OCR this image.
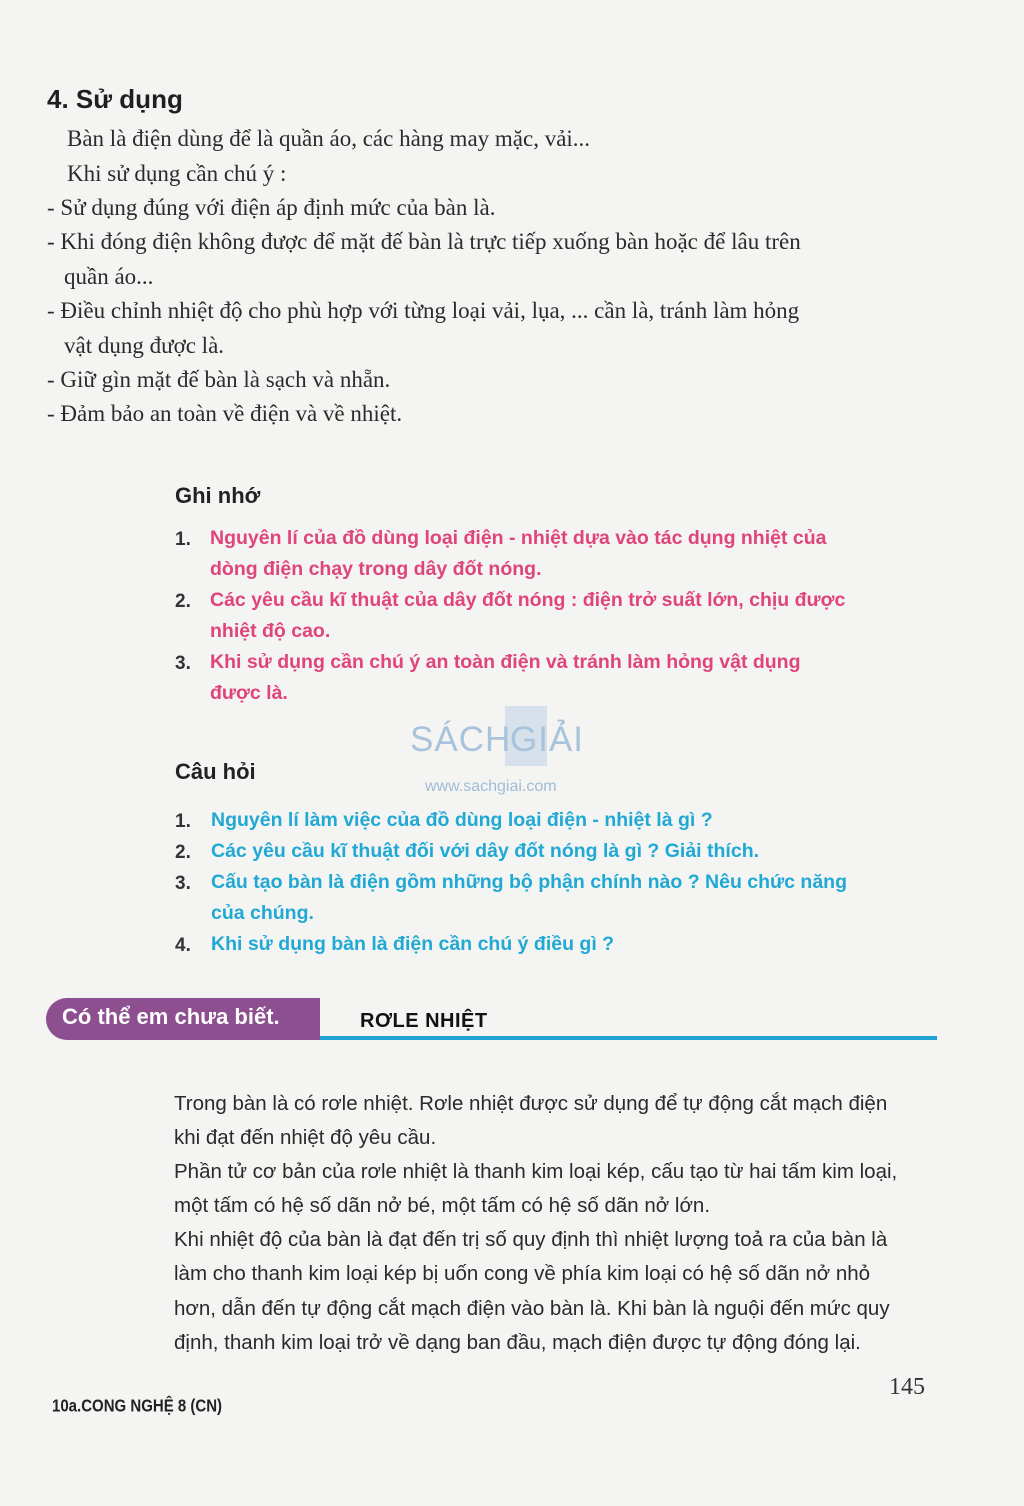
4. Sử dụng
Bàn là điện dùng để là quần áo, các hàng may mặc, vải...
Khi sử dụng cần chú ý :
- Sử dụng đúng với điện áp định mức của bàn là.
- Khi đóng điện không được để mặt đế bàn là trực tiếp xuống bàn hoặc để lâu trên
quần áo...
- Điều chỉnh nhiệt độ cho phù hợp với từng loại vải, lụa, ... cần là, tránh làm hỏng
vật dụng được là.
- Giữ gìn mặt đế bàn là sạch và nhẵn.
- Đảm bảo an toàn về điện và về nhiệt.
Ghi nhớ
1. Nguyên lí của đồ dùng loại điện - nhiệt dựa vào tác dụng nhiệt của
dòng điện chạy trong dây đốt nóng.
2. Các yêu cầu kĩ thuật của dây đốt nóng : điện trở suất lớn, chịu được
nhiệt độ cao.
3. Khi sử dụng cần chú ý an toàn điện và tránh làm hỏng vật dụng
được là.
SÁCH
GIẢI
www.sachgiai.com
Câu hỏi
1. Nguyên lí làm việc của đồ dùng loại điện - nhiệt là gì ?
2. Các yêu cầu kĩ thuật đối với dây đốt nóng là gì ? Giải thích.
3. Cấu tạo bàn là điện gồm những bộ phận chính nào ? Nêu chức năng
của chúng.
4. Khi sử dụng bàn là điện cần chú ý điều gì ?
Có thể em chưa biết.	RƠLE NHIỆT
Trong bàn là có rơle nhiệt. Rơle nhiệt được sử dụng để tự động cắt mạch điện
khi đạt đến nhiệt độ yêu cầu.
Phần tử cơ bản của rơle nhiệt là thanh kim loại kép, cấu tạo từ hai tấm kim loại,
một tấm có hệ số dãn nở bé, một tấm có hệ số dãn nở lớn.
Khi nhiệt độ của bàn là đạt đến trị số quy định thì nhiệt lượng toả ra của bàn là
làm cho thanh kim loại kép bị uốn cong về phía kim loại có hệ số dãn nở nhỏ
hơn, dẫn đến tự động cắt mạch điện vào bàn là. Khi bàn là nguội đến mức quy
định, thanh kim loại trở về dạng ban đầu, mạch điện được tự động đóng lại.
145
10a.CONG NGHỆ 8 (CN)
